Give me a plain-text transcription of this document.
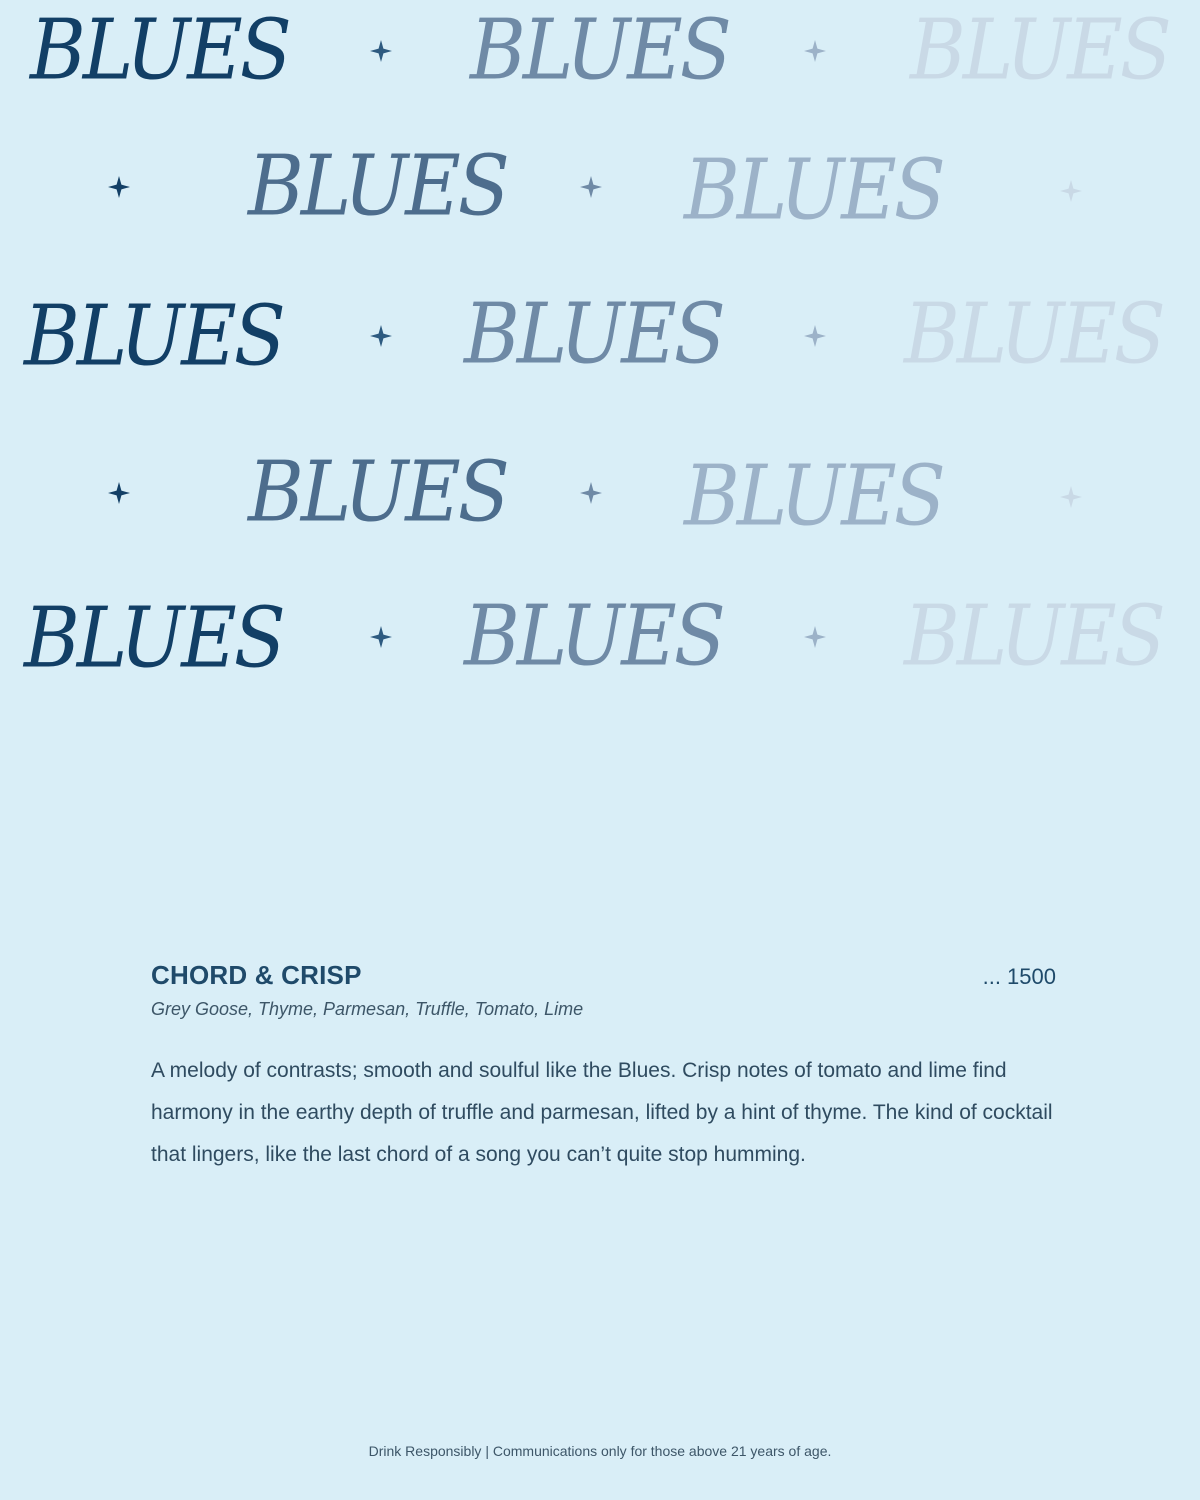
BLUES BLUES BLUES
BLUES BLUES
BLUES BLUES BLUES
BLUES BLUES
BLUES BLUES BLUES
CHORD & CRISP	... 1500
Grey Goose, Thyme, Parmesan, Truffle, Tomato, Lime
A melody of contrasts; smooth and soulful like the Blues. Crisp notes of tomato and lime find harmony in the earthy depth of truffle and parmesan, lifted by a hint of thyme. The kind of cocktail that lingers, like the last chord of a song you can’t quite stop humming.
Drink Responsibly | Communications only for those above 21 years of age.
